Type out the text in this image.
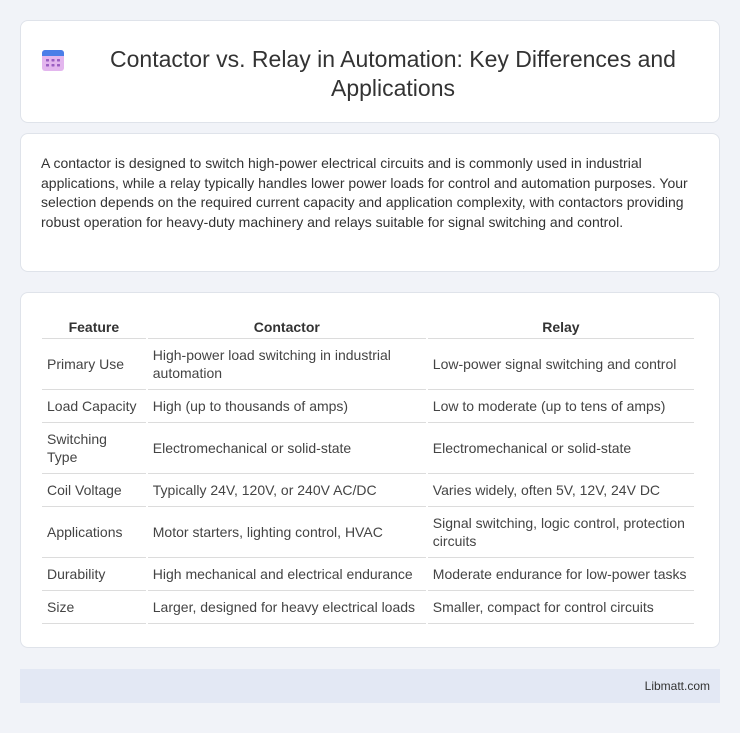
Contactor vs. Relay in Automation: Key Differences and Applications

A contactor is designed to switch high-power electrical circuits and is commonly used in industrial applications, while a relay typically handles lower power loads for control and automation purposes. Your selection depends on the required current capacity and application complexity, with contactors providing robust operation for heavy-duty machinery and relays suitable for signal switching and control.

Feature	Contactor	Relay
Primary Use	High-power load switching in industrial automation	Low-power signal switching and control
Load Capacity	High (up to thousands of amps)	Low to moderate (up to tens of amps)
Switching Type	Electromechanical or solid-state	Electromechanical or solid-state
Coil Voltage	Typically 24V, 120V, or 240V AC/DC	Varies widely, often 5V, 12V, 24V DC
Applications	Motor starters, lighting control, HVAC	Signal switching, logic control, protection circuits
Durability	High mechanical and electrical endurance	Moderate endurance for low-power tasks
Size	Larger, designed for heavy electrical loads	Smaller, compact for control circuits
Libmatt.com
